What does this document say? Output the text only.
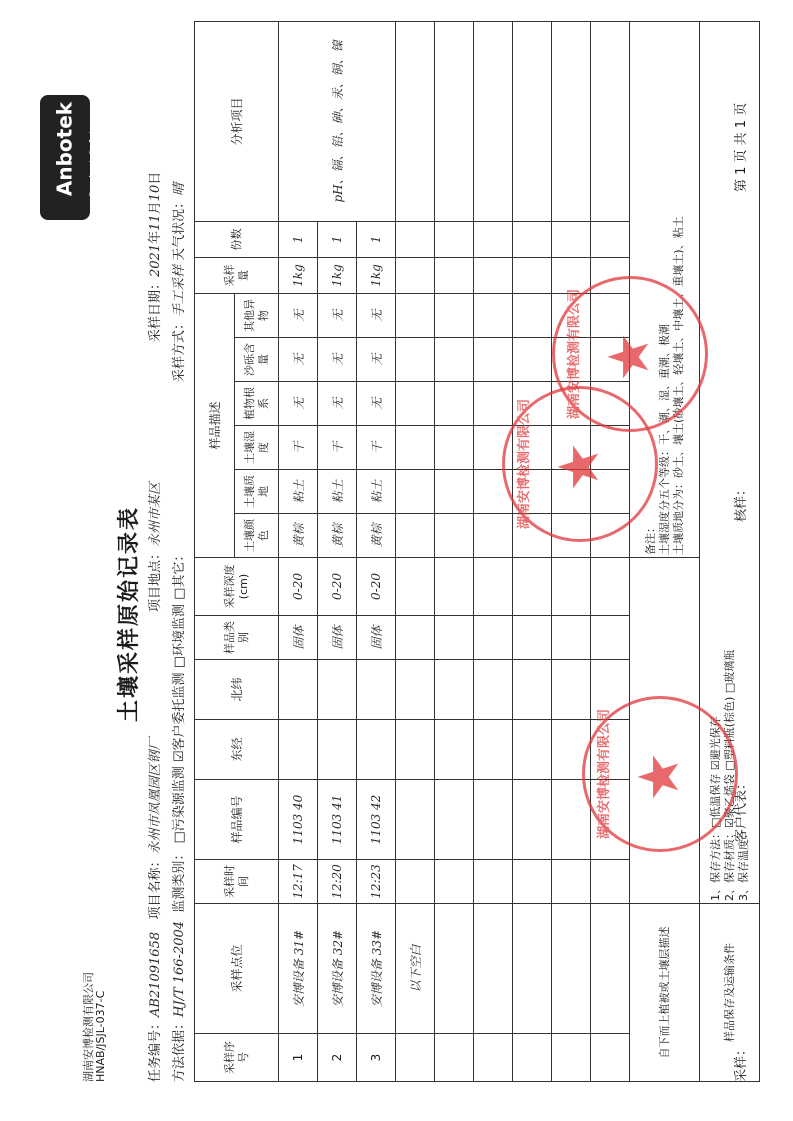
Anbotek Product Safety
湖南安博检测有限公司 HNAB/JSJL-037-C
土壤采样原始记录表
任务编号：AB21091658   项目名称：永州市凤凰园区钢厂
项目地点：永州市某区
采样日期：2021年11月10日
方法依据：HJ/T 166-2004  监测类别： □污染源监测 ☑客户委托监测 □环境监测 □其它：
采样方式：手工采样 天气状况：晴
采样序号	采样点位	采样时间	样品编号	东经	北纬	样品类别	采样深度(cm)	样品描述						采样量	份数	分析项目
								土壤颜色	土壤质地	土壤湿度	植物根系	沙砾含量	其他异物			
1	安博设备 31#	12:17	1103 40			固体	0-20	黄棕	粘土	干	无	无	无	1kg	1	pH、镉、铅、砷、汞、铜、镍
2	安博设备 32#	12:20	1103 41			固体	0-20	黄棕	粘土	干	无	无	无	1kg	1	
3	安博设备 33#	12:23	1103 42			固体	0-20	黄棕	粘土	干	无	无	无	1kg	1	
	以下空白															

自下而上植被或土壤层描述								备注： 土壤湿度分五个等级：干、潮、湿、重潮、极潮 土壤质地分为：砂土、壤土(砂壤土、轻壤土、中壤土、重壤土)、粘土								

样品保存及运输条件		1、保存方法：□低温保存 ☑避光保存 2、保存材质：☑聚乙烯袋 □塑料瓶(棕色) □玻璃瓶 3、保存温度：														
采样：
客户代表：
核样：
第 1 页 共 1 页
湖南安博检测有限公司 ★
湖南安博检测有限公司 ★
湖南安博检测有限公司 ★
